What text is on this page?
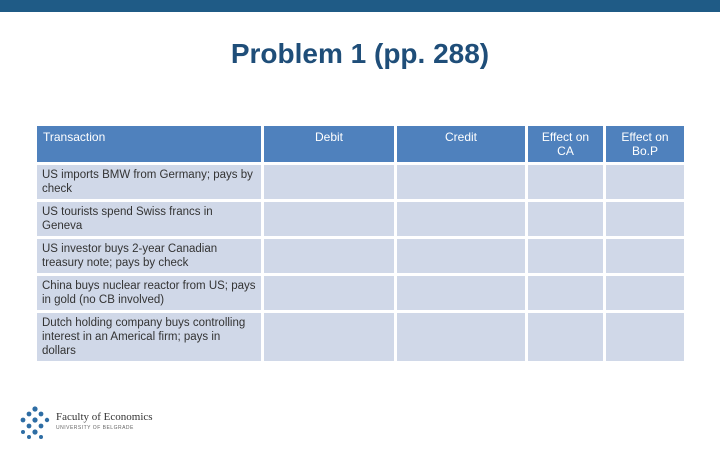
Problem 1 (pp. 288)
Transaction	Debit	Credit	Effect on CA	Effect on Bo.P
US imports BMW from Germany; pays by check				
US tourists spend Swiss francs in Geneva				
US investor buys 2-year Canadian treasury note; pays by check				
China buys nuclear reactor from US; pays in gold (no CB involved)				
Dutch holding company buys controlling interest in an Americal firm; pays in dollars				
Faculty of Economics
UNIVERSITY OF BELGRADE
